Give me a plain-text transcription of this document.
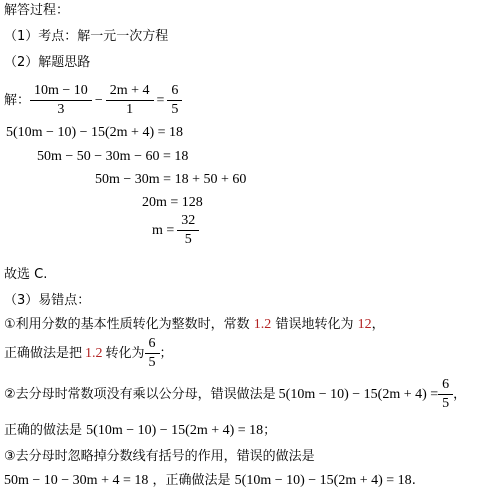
解答过程：
（1）考点：解一元一次方程
（2）解题思路
解： $\frac{10m - 10}{3} - \frac{2m + 4}{1} = \frac{6}{5}$
5(10m − 10) − 15(2m + 4) = 18
50m − 50 − 30m − 60 = 18
50m − 30m = 18 + 50 + 60
20m = 128
$m = \frac{32}{5}$
故选 C.
（3）易错点：
①利用分数的基本性质转化为整数时，常数 1.2 错误地转化为 12，
正确做法是把 1.2 转化为 $\frac{6}{5}$ ；
②去分母时常数项没有乘以公分母，错误做法是 $5(10m - 10) - 15(2m + 4) = \frac{6}{5}$ ，
正确的做法是 5(10m − 10) − 15(2m + 4) = 18；
③去分母时忽略掉分数线有括号的作用，错误的做法是
50m − 10 − 30m + 4 = 18 ，正确做法是 5(10m − 10) − 15(2m + 4) = 18.
